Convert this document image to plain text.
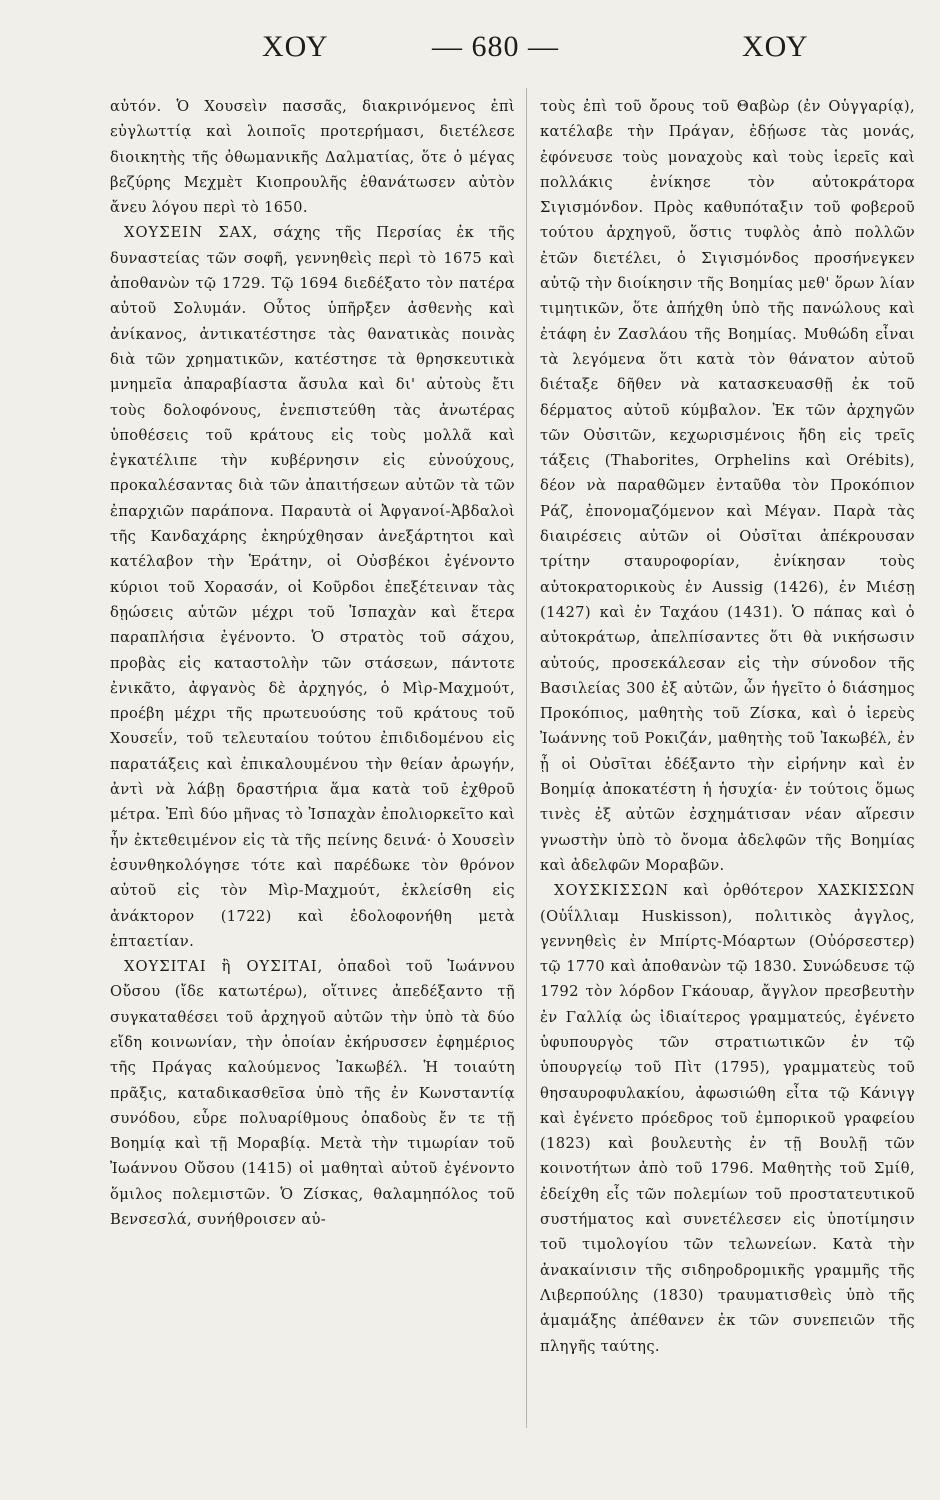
ΧΟΥ	— 680 —	ΧΟΥ

αὐτόν. Ὁ Χουσεὶν πασσᾶς, διακρινόμενος ἐπὶ εὐγλωττίᾳ καὶ λοιποῖς προτερήμασι, διετέλεσε διοικητὴς τῆς ὀθωμανικῆς Δαλματίας, ὅτε ὁ μέγας βεζύρης Μεχμὲτ Κιοπρουλῆς ἐθανάτωσεν αὐτὸν ἄνευ λόγου περὶ τὸ 1650.

ΧΟΥΣΕΙΝ ΣΑΧ, σάχης τῆς Περσίας ἐκ τῆς δυναστείας τῶν σοφῆ, γεννηθεὶς περὶ τὸ 1675 καὶ ἀποθανὼν τῷ 1729. Τῷ 1694 διεδέξατο τὸν πατέρα αὐτοῦ Σολυμάν. Οὗτος ὑπῆρξεν ἀσθενὴς καὶ ἀνίκανος, ἀντικατέστησε τὰς θανατικὰς ποινὰς διὰ τῶν χρηματικῶν, κατέστησε τὰ θρησκευτικὰ μνημεῖα ἀπαραβίαστα ἄσυλα καὶ δι' αὐτοὺς ἔτι τοὺς δολοφόνους, ἐνεπιστεύθη τὰς ἀνωτέρας ὑποθέσεις τοῦ κράτους εἰς τοὺς μολλᾶ καὶ ἐγκατέλιπε τὴν κυβέρνησιν εἰς εὐνούχους, προκαλέσαντας διὰ τῶν ἀπαιτήσεων αὐτῶν τὰ τῶν ἐπαρχιῶν παράπονα. Παραυτὰ οἱ Ἀφγανοί-Ἀβδαλοὶ τῆς Κανδαχάρης ἐκηρύχθησαν ἀνεξάρτητοι καὶ κατέλαβον τὴν Ἑράτην, οἱ Οὐσβέκοι ἐγένοντο κύριοι τοῦ Χορασάν, οἱ Κοῦρδοι ἐπεξέτειναν τὰς δῃώσεις αὐτῶν μέχρι τοῦ Ἰσπαχὰν καὶ ἕτερα παραπλήσια ἐγένοντο. Ὁ στρατὸς τοῦ σάχου, προβὰς εἰς καταστολὴν τῶν στάσεων, πάντοτε ἐνικᾶτο, ἀφγανὸς δὲ ἀρχηγός, ὁ Μὶρ-Μαχμούτ, προέβη μέχρι τῆς πρωτευούσης τοῦ κράτους τοῦ Χουσεΐν, τοῦ τελευταίου τούτου ἐπιδιδομένου εἰς παρατάξεις καὶ ἐπικαλουμένου τὴν θείαν ἀρωγήν, ἀντὶ νὰ λάβῃ δραστήρια ἅμα κατὰ τοῦ ἐχθροῦ μέτρα. Ἐπὶ δύο μῆνας τὸ Ἰσπαχὰν ἐπολιορκεῖτο καὶ ἦν ἐκτεθειμένον εἰς τὰ τῆς πείνης δεινά· ὁ Χουσεὶν ἐσυνθηκολόγησε τότε καὶ παρέδωκε τὸν θρόνον αὐτοῦ εἰς τὸν Μὶρ-Μαχμούτ, ἐκλείσθη εἰς ἀνάκτορον (1722) καὶ ἐδολοφονήθη μετὰ ἑπταετίαν.

ΧΟΥΣΙΤΑΙ ἢ ΟΥΣΙΤΑΙ, ὀπαδοὶ τοῦ Ἰωάννου Οὔσου (ἴδε κατωτέρω), οἵτινες ἀπεδέξαντο τῇ συγκαταθέσει τοῦ ἀρχηγοῦ αὐτῶν τὴν ὑπὸ τὰ δύο εἴδη κοινωνίαν, τὴν ὁποίαν ἐκήρυσσεν ἐφημέριος τῆς Πράγας καλούμενος Ἰακωβέλ. Ἡ τοιαύτη πρᾶξις, καταδικασθεῖσα ὑπὸ τῆς ἐν Κωνσταντίᾳ συνόδου, εὗρε πολυαρίθμους ὀπαδοὺς ἔν τε τῇ Βοημίᾳ καὶ τῇ Μοραβίᾳ. Μετὰ τὴν τιμωρίαν τοῦ Ἰωάννου Οὔσου (1415) οἱ μαθηταὶ αὐτοῦ ἐγένοντο ὅμιλος πολεμιστῶν. Ὁ Ζίσκας, θαλαμηπόλος τοῦ Βενσεσλά, συνήθροισεν αὐ-

τοὺς ἐπὶ τοῦ ὄρους τοῦ Θαβὼρ (ἐν Οὑγγαρίᾳ), κατέλαβε τὴν Πράγαν, ἐδῄωσε τὰς μονάς, ἐφόνευσε τοὺς μοναχοὺς καὶ τοὺς ἱερεῖς καὶ πολλάκις ἐνίκησε τὸν αὐτοκράτορα Σιγισμόνδον. Πρὸς καθυπόταξιν τοῦ φοβεροῦ τούτου ἀρχηγοῦ, ὅστις τυφλὸς ἀπὸ πολλῶν ἐτῶν διετέλει, ὁ Σιγισμόνδος προσήνεγκεν αὐτῷ τὴν διοίκησιν τῆς Βοημίας μεθ' ὅρων λίαν τιμητικῶν, ὅτε ἀπήχθη ὑπὸ τῆς πανώλους καὶ ἐτάφη ἐν Ζασλάου τῆς Βοημίας. Μυθώδη εἶναι τὰ λεγόμενα ὅτι κατὰ τὸν θάνατον αὐτοῦ διέταξε δῆθεν νὰ κατασκευασθῇ ἐκ τοῦ δέρματος αὐτοῦ κύμβαλον. Ἐκ τῶν ἀρχηγῶν τῶν Οὐσιτῶν, κεχωρισμένοις ἤδη εἰς τρεῖς τάξεις (Thaborites, Orphelins καὶ Orébits), δέον νὰ παραθῶμεν ἐνταῦθα τὸν Προκόπιον Ράζ, ἐπονομαζόμενον καὶ Μέγαν. Παρὰ τὰς διαιρέσεις αὐτῶν οἱ Οὐσῖται ἀπέκρουσαν τρίτην σταυροφορίαν, ἐνίκησαν τοὺς αὐτοκρατορικοὺς ἐν Aussig (1426), ἐν Μιέσῃ (1427) καὶ ἐν Ταχάου (1431). Ὁ πάπας καὶ ὁ αὐτοκράτωρ, ἀπελπίσαντες ὅτι θὰ νικήσωσιν αὐτούς, προσεκάλεσαν εἰς τὴν σύνοδον τῆς Βασιλείας 300 ἐξ αὐτῶν, ὧν ἡγεῖτο ὁ διάσημος Προκόπιος, μαθητὴς τοῦ Ζίσκα, καὶ ὁ ἱερεὺς Ἰωάννης τοῦ Ροκιζάν, μαθητὴς τοῦ Ἰακωβέλ, ἐν ᾗ οἱ Οὐσῖται ἐδέξαντο τὴν εἰρήνην καὶ ἐν Βοημίᾳ ἀποκατέστη ἡ ἡσυχία· ἐν τούτοις ὅμως τινὲς ἐξ αὐτῶν ἐσχημάτισαν νέαν αἵρεσιν γνωστὴν ὑπὸ τὸ ὄνομα ἀδελφῶν τῆς Βοημίας καὶ ἀδελφῶν Μοραβῶν.

ΧΟΥΣΚΙΣΣΩΝ καὶ ὀρθότερον ΧΑΣΚΙΣΣΩΝ (Οὐΐλλιαμ Huskisson), πολιτικὸς ἀγγλος, γεννηθεὶς ἐν Μπίρτς-Μόαρτων (Οὐόρσεστερ) τῷ 1770 καὶ ἀποθανὼν τῷ 1830. Συνώδευσε τῷ 1792 τὸν λόρδον Γκάουαρ, ἄγγλον πρεσβευτὴν ἐν Γαλλίᾳ ὡς ἰδιαίτερος γραμματεύς, ἐγένετο ὑφυπουργὸς τῶν στρατιωτικῶν ἐν τῷ ὑπουργείῳ τοῦ Πὶτ (1795), γραμματεὺς τοῦ θησαυροφυλακίου, ἀφωσιώθη εἶτα τῷ Κάνιγγ καὶ ἐγένετο πρόεδρος τοῦ ἐμπορικοῦ γραφείου (1823) καὶ βουλευτὴς ἐν τῇ Βουλῇ τῶν κοινοτήτων ἀπὸ τοῦ 1796. Μαθητὴς τοῦ Σμίθ, ἐδείχθη εἷς τῶν πολεμίων τοῦ προστατευτικοῦ συστήματος καὶ συνετέλεσεν εἰς ὑποτίμησιν τοῦ τιμολογίου τῶν τελωνείων. Κατὰ τὴν ἀνακαίνισιν τῆς σιδηροδρομικῆς γραμμῆς τῆς Λιβερπούλης (1830) τραυματισθεὶς ὑπὸ τῆς ἁμαμάξης ἀπέθανεν ἐκ τῶν συνεπειῶν τῆς πληγῆς ταύτης.
